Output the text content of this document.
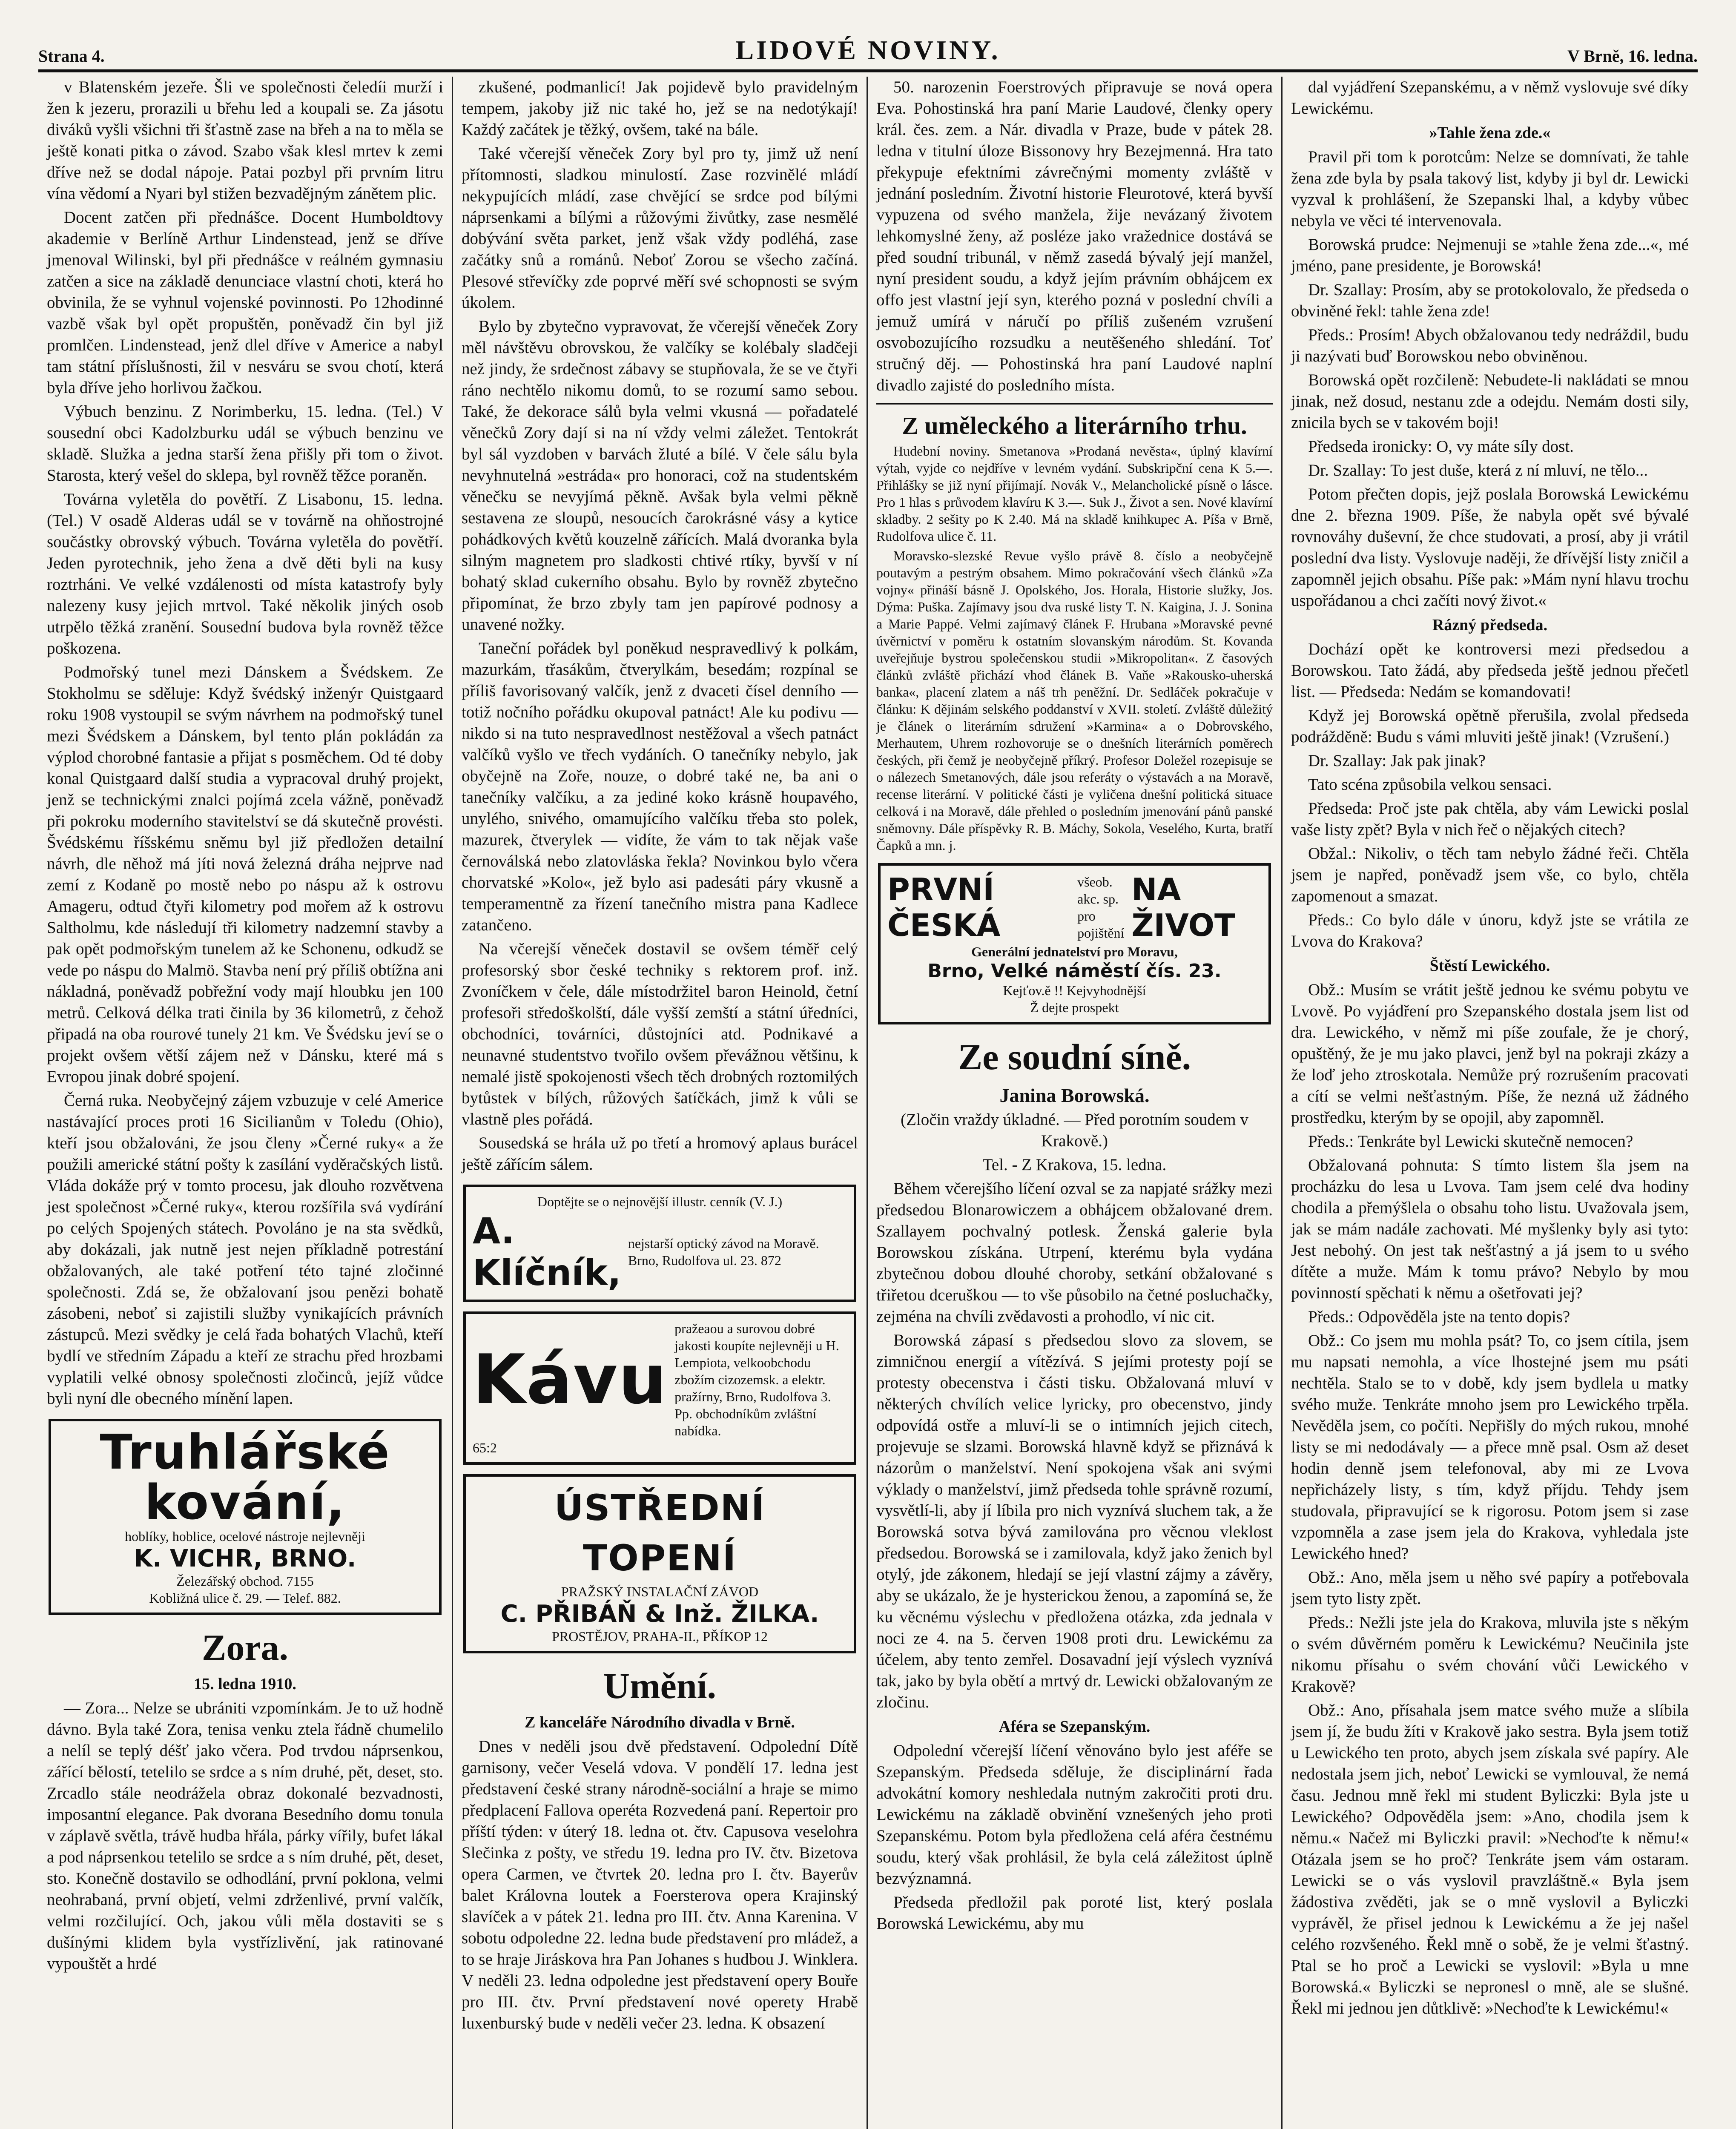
Strana 4.	LIDOVÉ NOVINY.	V Brně, 16. ledna.

v Blatenském jezeře. Šli ve společnosti čeledíi murží i žen k jezeru, prorazili u břehu led a koupali se. Za jásotu diváků vyšli všichni tři šťastně zase na břeh a na to měla se ještě konati pitka o závod. Szabo však klesl mrtev k zemi dříve než se dodal nápoje. Patai pozbyl při prvním litru vína vědomí a Nyari byl stižen bezvadějným zánětem plic.

Docent zatčen při přednášce. Docent Humboldtovy akademie v Berlíně Arthur Lindenstead, jenž se dříve jmenoval Wilinski, byl při přednášce v reálném gymnasiu zatčen a sice na základě denunciace vlastní choti, která ho obvinila, že se vyhnul vojenské povinnosti. Po 12hodinné vazbě však byl opět propuštěn, poněvadž čin byl již promlčen. Lindenstead, jenž dlel dříve v Americe a nabyl tam státní příslušnosti, žil v nesváru se svou chotí, která byla dříve jeho horlivou žačkou.

Výbuch benzinu. Z Norimberku, 15. ledna. (Tel.) V sousední obci Kadolzburku udál se výbuch benzinu ve skladě. Služka a jedna starší žena přišly při tom o život. Starosta, který vešel do sklepa, byl rovněž těžce poraněn.

Továrna vyletěla do povětří. Z Lisabonu, 15. ledna. (Tel.) V osadě Alderas udál se v továrně na ohňostrojné součástky obrovský výbuch. Továrna vyletěla do povětří. Jeden pyrotechnik, jeho žena a dvě děti byli na kusy roztrháni. Ve velké vzdálenosti od místa katastrofy byly nalezeny kusy jejich mrtvol. Také několik jiných osob utrpělo těžká zranění. Sousední budova byla rovněž těžce poškozena.

Podmořský tunel mezi Dánskem a Švédskem. Ze Stokholmu se sděluje: Když švédský inženýr Quistgaard roku 1908 vystoupil se svým návrhem na podmořský tunel mezi Švédskem a Dánskem, byl tento plán pokládán za výplod chorobné fantasie a přijat s posměchem. Od té doby konal Quistgaard další studia a vypracoval druhý projekt, jenž se technickými znalci pojímá zcela vážně, poněvadž při pokroku moderního stavitelství se dá skutečně provésti. Švédskému říšskému sněmu byl již předložen detailní návrh, dle něhož má jíti nová železná dráha nejprve nad zemí z Kodaně po mostě nebo po náspu až k ostrovu Amageru, odtud čtyři kilometry pod mořem až k ostrovu Saltholmu, kde následují tři kilometry nadzemní stavby a pak opět podmořským tunelem až ke Schonenu, odkudž se vede po náspu do Malmö. Stavba není prý příliš obtížna ani nákladná, poněvadž pobřežní vody mají hloubku jen 100 metrů. Celková délka trati činila by 36 kilometrů, z čehož připadá na oba rourové tunely 21 km. Ve Švédsku jeví se o projekt ovšem větší zájem než v Dánsku, které má s Evropou jinak dobré spojení.

Černá ruka. Neobyčejný zájem vzbuzuje v celé Americe nastávající proces proti 16 Sicilianům v Toledu (Ohio), kteří jsou obžalováni, že jsou členy »Černé ruky« a že použili americké státní pošty k zasílání vyděračských listů. Vláda dokáže prý v tomto procesu, jak dlouho rozvětvena jest společnost »Černé ruky«, kterou rozšířila svá vydírání po celých Spojených státech. Povoláno je na sta svědků, aby dokázali, jak nutně jest nejen příkladně potrestání obžalovaných, ale také potření této tajné zločinné společnosti. Zdá se, že obžalovaní jsou penězi bohatě zásobeni, neboť si zajistili služby vynikajících právních zástupců. Mezi svědky je celá řada bohatých Vlachů, kteří bydlí ve středním Západu a kteří ze strachu před hrozbami vyplatili velké obnosy společnosti zločinců, jejíž vůdce byli nyní dle obecného mínění lapen.

Truhlářské kování,
hoblíky, hoblice, ocelové nástroje nejlevněji
K. VICHR, BRNO.
Železářský obchod. 7155
Kobližná ulice č. 29. — Telef. 882.
Zora.
15. ledna 1910.

— Zora... Nelze se ubrániti vzpomínkám. Je to už hodně dávno. Byla také Zora, tenisa venku ztela řádně chumelilo a nelíl se teplý déšť jako včera. Pod trvdou náprsenkou, zářící bělostí, tetelilo se srdce a s ním druhé, pět, deset, sto. Zrcadlo stále neodrážela obraz dokonalé bezvadnosti, imposantní elegance. Pak dvorana Besedního domu tonula v záplavě světla, trávě hudba hřála, párky vířily, bufet lákal a pod náprsenkou tetelilo se srdce a s ním druhé, pět, deset, sto. Konečně dostavilo se odhodlání, první poklona, velmi neohrabaná, první objetí, velmi zdrženlivé, první valčík, velmi rozčilující. Och, jakou vůli měla dostaviti se s dušínými klidem byla vystřízlivění, jak ratinované vypouštět a hrdé

zkušené, podmanlicí! Jak pojidevě bylo pravidelným tempem, jakoby již nic také ho, jež se na nedotýkají! Každý začátek je těžký, ovšem, také na bále.

Také včerejší věneček Zory byl pro ty, jimž už není přítomnosti, sladkou minulostí. Zase rozvinělé mládí nekypujících mládí, zase chvějící se srdce pod bílými náprsenkami a bílými a růžovými živůtky, zase nesmělé dobývání světa parket, jenž však vždy podléhá, zase začátky snů a románů. Neboť Zorou se všecho začíná. Plesové střevíčky zde poprvé měří své schopnosti se svým úkolem.

Bylo by zbytečno vypravovat, že včerejší věneček Zory měl návštěvu obrovskou, že valčíky se kolébaly sladčeji než jindy, že srdečnost zábavy se stupňovala, že se ve čtyři ráno nechtělo nikomu domů, to se rozumí samo sebou. Také, že dekorace sálů byla velmi vkusná — pořadatelé věnečků Zory dají si na ní vždy velmi záležet. Tentokrát byl sál vyzdoben v barvách žluté a bílé. V čele sálu byla nevyhnutelná »estráda« pro honoraci, což na studentském věnečku se nevyjímá pěkně. Avšak byla velmi pěkně sestavena ze sloupů, nesoucích čarokrásné vásy a kytice pohádkových květů kouzelně zářících. Malá dvoranka byla silným magnetem pro sladkosti chtivé rtíky, byvší v ní bohatý sklad cukerního obsahu. Bylo by rovněž zbytečno připomínat, že brzo zbyly tam jen papírové podnosy a unavené nožky.

Taneční pořádek byl poněkud nespravedlivý k polkám, mazurkám, třasákům, čtverylkám, besedám; rozpínal se příliš favorisovaný valčík, jenž z dvaceti čísel denního — totiž nočního pořádku okupoval patnáct! Ale ku podivu — nikdo si na tuto nespravedlnost nestěžoval a všech patnáct valčíků vyšlo ve třech vydáních. O tanečníky nebylo, jak obyčejně na Zoře, nouze, o dobré také ne, ba ani o tanečníky valčíku, a za jediné koko krásně houpavého, unylého, snivého, omamujícího valčíku třeba sto polek, mazurek, čtverylek — vidíte, že vám to tak nějak vaše černoválská nebo zlatovláska řekla? Novinkou bylo včera chorvatské »Kolo«, jež bylo asi padesáti páry vkusně a temperamentně za řízení tanečního mistra pana Kadlece zatančeno.

Na včerejší věneček dostavil se ovšem téměř celý profesorský sbor české techniky s rektorem prof. inž. Zvoníčkem v čele, dále místodržitel baron Heinold, četní profesoři středoškolští, dále vyšší zemští a státní úředníci, obchodníci, továrníci, důstojníci atd. Podnikavé a neunavné studentstvo tvořilo ovšem převážnou většinu, k nemalé jistě spokojenosti všech těch drobných roztomilých bytůstek v bílých, růžových šatíčkách, jimž k vůli se vlastně ples pořádá.

Sousedská se hrála už po třetí a hromový aplaus burácel ještě zářícím sálem.

Doptějte se o nejnovější illustr. cenník (V. J.)
A. Klíčník,
nejstarší optický závod na Moravě. Brno, Rudolfova ul. 23. 872
Kávu
pražeaou a surovou dobré jakosti koupíte nejlevněji u H. Lempiota, velkoobchodu zbožím cizozemsk. a elektr. pražírny, Brno, Rudolfova 3. Pp. obchodníkům zvláštní nabídka.
65:2
ÚSTŘEDNÍ TOPENÍ
PRAŽSKÝ INSTALAČNÍ ZÁVOD
C. PŘIBÁŇ & Inž. ŽILKA.
PROSTĚJOV, PRAHA-II., PŘÍKOP 12
Umění.
Z kanceláře Národního divadla v Brně.

Dnes v neděli jsou dvě představení. Odpolední Dítě garnisony, večer Veselá vdova. V pondělí 17. ledna jest představení české strany národně-sociální a hraje se mimo předplacení Fallova operéta Rozvedená paní. Repertoir pro příští týden: v úterý 18. ledna ot. čtv. Capusova veselohra Slečinka z pošty, ve středu 19. ledna pro IV. čtv. Bizetova opera Carmen, ve čtvrtek 20. ledna pro I. čtv. Bayerův balet Královna loutek a Foersterova opera Krajinský slavíček a v pátek 21. ledna pro III. čtv. Anna Karenina. V sobotu odpoledne 22. ledna bude představení pro mládež, a to se hraje Jiráskova hra Pan Johanes s hudbou J. Winklera. V neděli 23. ledna odpoledne jest představení opery Bouře pro III. čtv. První představení nové operety Hrabě luxenburský bude v neděli večer 23. ledna. K obsazení

50. narozenin Foerstrových připravuje se nová opera Eva. Pohostinská hra paní Marie Laudové, členky opery král. čes. zem. a Nár. divadla v Praze, bude v pátek 28. ledna v titulní úloze Bissonovy hry Bezejmenná. Hra tato překypuje efektními závrečnými momenty zvláště v jednání posledním. Životní historie Fleurotové, která byvší vypuzena od svého manžela, žije nevázaný životem lehkomyslné ženy, až posléze jako vražednice dostává se před soudní tribunál, v němž zasedá bývalý její manžel, nyní president soudu, a když jejím právním obhájcem ex offo jest vlastní její syn, kterého pozná v poslední chvíli a jemuž umírá v náručí po příliš zušeném vzrušení osvobozujícího rozsudku a neutěšeného shledání. Toť stručný děj. — Pohostinská hra paní Laudové naplní divadlo zajisté do posledního místa.

Z uměleckého a literárního trhu.

Hudební noviny. Smetanova »Prodaná nevěsta«, úplný klavírní výtah, vyjde co nejdříve v levném vydání. Subskripční cena K 5.—. Přihlášky se již nyní přijímají. Novák V., Melancholické písně o lásce. Pro 1 hlas s průvodem klavíru K 3.—. Suk J., Život a sen. Nové klavírní skladby. 2 sešity po K 2.40. Má na skladě knihkupec A. Píša v Brně, Rudolfova ulice č. 11.

Moravsko-slezské Revue vyšlo právě 8. číslo a neobyčejně poutavým a pestrým obsahem. Mimo pokračování všech článků »Za vojny« přináší básně J. Opolského, Jos. Horala, Historie služky, Jos. Dýma: Puška. Zajímavy jsou dva ruské listy T. N. Kaigina, J. J. Sonina a Marie Pappé. Velmi zajímavý článek F. Hrubana »Moravské pevné úvěrnictví v poměru k ostatním slovanským národům. St. Kovanda uveřejňuje bystrou společenskou studii »Mikropolitan«. Z časových článků zvláště přichází vhod článek B. Vaňe »Rakousko-uherská banka«, placení zlatem a náš trh peněžní. Dr. Sedláček pokračuje v článku: K dějinám selského poddanství v XVII. století. Zvláště důležitý je článek o literárním sdružení »Karmina« a o Dobrovského, Merhautem, Uhrem rozhovoruje se o dnešních literárních poměrech českých, při čemž je neobyčejně příkrý. Profesor Doležel rozepisuje se o nálezech Smetanových, dále jsou referáty o výstavách a na Moravě, recense literární. V politické části je vyličena dnešní politická situace celková i na Moravě, dále přehled o posledním jmenování pánů panské sněmovny. Dále příspěvky R. B. Máchy, Sokola, Veselého, Kurta, bratří Čapků a mn. j.

PRVNÍ ČESKÁ
všeob. akc. sp. pro pojištění
NA ŽIVOT
Generální jednatelství pro Moravu,
Brno, Velké náměstí čís. 23.
Kejťov.ě !! Kejvyhodnější
Ž dejte prospekt
Ze soudní síně.
Janina Borowská.

(Zločin vraždy úkladné. — Před porotním soudem v Krakově.)

Tel. - Z Krakova, 15. ledna.

Během včerejšího líčení ozval se za napjaté srážky mezi předsedou Blonarowiczem a obhájcem obžalované drem. Szallayem pochvalný potlesk. Ženská galerie byla Borowskou získána. Utrpení, kterému byla vydána zbytečnou dobou dlouhé choroby, setkání obžalované s třiřetou dceruškou — to vše působilo na četné posluchačky, zejména na chvíli zvědavosti a prohodlo, ví nic cit.

Borowská zápasí s předsedou slovo za slovem, se zimničnou energií a vítězívá. S jejími protesty pojí se protesty obecenstva i části tisku. Obžalovaná mluví v některých chvílích velice lyricky, pro obecenstvo, jindy odpovídá ostře a mluví-li se o intimních jejich citech, projevuje se slzami. Borowská hlavně když se přiznává k názorům o manželství. Není spokojena však ani svými výklady o manželství, jimž předseda tohle správně rozumí, vysvětlí-li, aby jí líbila pro nich vyznívá sluchem tak, a že Borowská sotva bývá zamilována pro věcnou vleklost předsedou. Borowská se i zamilovala, když jako ženich byl otylý, jde zákonem, hledají se její vlastní zájmy a závěry, aby se ukázalo, že je hysterickou ženou, a zapomíná se, že ku věcnému výslechu v předložena otázka, zda jednala v noci ze 4. na 5. červen 1908 proti dru. Lewickému za účelem, aby tento zemřel. Dosavadní její výslech vyznívá tak, jako by byla obětí a mrtvý dr. Lewicki obžalovaným ze zločinu.

Aféra se Szepanským.

Odpolední včerejší líčení věnováno bylo jest aféře se Szepanským. Předseda sděluje, že disciplinární řada advokátní komory neshledala nutným zakročiti proti dru. Lewickému na základě obvinění vznešených jeho proti Szepanskému. Potom byla předložena celá aféra čestnému soudu, který však prohlásil, že byla celá záležitost úplně bezvýznamná.

Předseda předložil pak poroté list, který poslala Borowská Lewickému, aby mu

dal vyjádření Szepanskému, a v němž vyslovuje své díky Lewickému.

»Tahle žena zde.«

Pravil při tom k porotcům: Nelze se domnívati, že tahle žena zde byla by psala takový list, kdyby ji byl dr. Lewicki vyzval k prohlášení, že Szepanski lhal, a kdyby vůbec nebyla ve věci té intervenovala.

Borowská prudce: Nejmenuji se »tahle žena zde...«, mé jméno, pane presidente, je Borowská!

Dr. Szallay: Prosím, aby se protokolovalo, že předseda o obviněné řekl: tahle žena zde!

Předs.: Prosím! Abych obžalovanou tedy nedráždil, budu ji nazývati buď Borowskou nebo obviněnou.

Borowská opět rozčileně: Nebudete-li nakládati se mnou jinak, než dosud, nestanu zde a odejdu. Nemám dosti sily, znicila bych se v takovém boji!

Předseda ironicky: O, vy máte síly dost.

Dr. Szallay: To jest duše, která z ní mluví, ne tělo...

Potom přečten dopis, jejž poslala Borowská Lewickému dne 2. března 1909. Píše, že nabyla opět své bývalé rovnováhy duševní, že chce studovati, a prosí, aby ji vrátil poslední dva listy. Vyslovuje naději, že dřívější listy zničil a zapomněl jejich obsahu. Píše pak: »Mám nyní hlavu trochu uspořádanou a chci začíti nový život.«

Rázný předseda.

Dochází opět ke kontroversi mezi předsedou a Borowskou. Tato žádá, aby předseda ještě jednou přečetl list. — Předseda: Nedám se komandovati!

Když jej Borowská opětně přerušila, zvolal předseda podrážděně: Budu s vámi mluviti ještě jinak! (Vzrušení.)

Dr. Szallay: Jak pak jinak?

Tato scéna způsobila velkou sensaci.

Předseda: Proč jste pak chtěla, aby vám Lewicki poslal vaše listy zpět? Byla v nich řeč o nějakých citech?

Obžal.: Nikoliv, o těch tam nebylo žádné řeči. Chtěla jsem je napřed, poněvadž jsem vše, co bylo, chtěla zapomenout a smazat.

Předs.: Co bylo dále v únoru, když jste se vrátila ze Lvova do Krakova?

Štěstí Lewického.

Obž.: Musím se vrátit ještě jednou ke svému pobytu ve Lvově. Po vyjádření pro Szepanského dostala jsem list od dra. Lewického, v němž mi píše zoufale, že je chorý, opuštěný, že je mu jako plavci, jenž byl na pokraji zkázy a že loď jeho ztroskotala. Nemůže prý rozrušením pracovati a cítí se velmi nešťastným. Píše, že nezná už žádného prostředku, kterým by se opojil, aby zapomněl.

Předs.: Tenkráte byl Lewicki skutečně nemocen?

Obžalovaná pohnuta: S tímto listem šla jsem na procházku do lesa u Lvova. Tam jsem celé dva hodiny chodila a přemýšlela o obsahu toho listu. Uvažovala jsem, jak se mám nadále zachovati. Mé myšlenky byly asi tyto: Jest nebohý. On jest tak nešťastný a já jsem to u svého dítěte a muže. Mám k tomu právo? Nebylo by mou povinností spěchati k němu a ošetřovati jej?

Předs.: Odpověděla jste na tento dopis?

Obž.: Co jsem mu mohla psát? To, co jsem cítila, jsem mu napsati nemohla, a více lhostejné jsem mu psáti nechtěla. Stalo se to v době, kdy jsem bydlela u matky svého muže. Tenkráte mnoho jsem pro Lewického trpěla. Nevěděla jsem, co počíti. Nepřišly do mých rukou, mnohé listy se mi nedodávaly — a přece mně psal. Osm až deset hodin denně jsem telefonoval, aby mi ze Lvova nepřicházely listy, s tím, když příjdu. Tehdy jsem studovala, připravující se k rigorosu. Potom jsem si zase vzpomněla a zase jsem jela do Krakova, vyhledala jste Lewického hned?

Obž.: Ano, měla jsem u něho své papíry a potřebovala jsem tyto listy zpět.

Předs.: Nežli jste jela do Krakova, mluvila jste s někým o svém důvěrném poměru k Lewickému? Neučinila jste nikomu přísahu o svém chování vůči Lewického v Krakově?

Obž.: Ano, přísahala jsem matce svého muže a slíbila jsem jí, že budu žíti v Krakově jako sestra. Byla jsem totiž u Lewického ten proto, abych jsem získala své papíry. Ale nedostala jsem jich, neboť Lewicki se vymlouval, že nemá času. Jednou mně řekl mi student Byliczki: Byla jste u Lewického? Odpověděla jsem: »Ano, chodila jsem k němu.« Načež mi Byliczki pravil: »Nechoďte k němu!« Otázala jsem se ho proč? Tenkráte jsem vám ostaram. Lewicki se o vás vyslovil pravzláštně.« Byla jsem žádostiva zvěděti, jak se o mně vyslovil a Byliczki vyprávěl, že přisel jednou k Lewickému a že jej našel celého rozvšeného. Řekl mně o sobě, že je velmi šťastný. Ptal se ho proč a Lewicki se vyslovil: »Byla u mne Borowská.« Byliczki se nepronesl o mně, ale se slušné. Řekl mi jednou jen důtklivě: »Nechoďte k Lewickému!«
